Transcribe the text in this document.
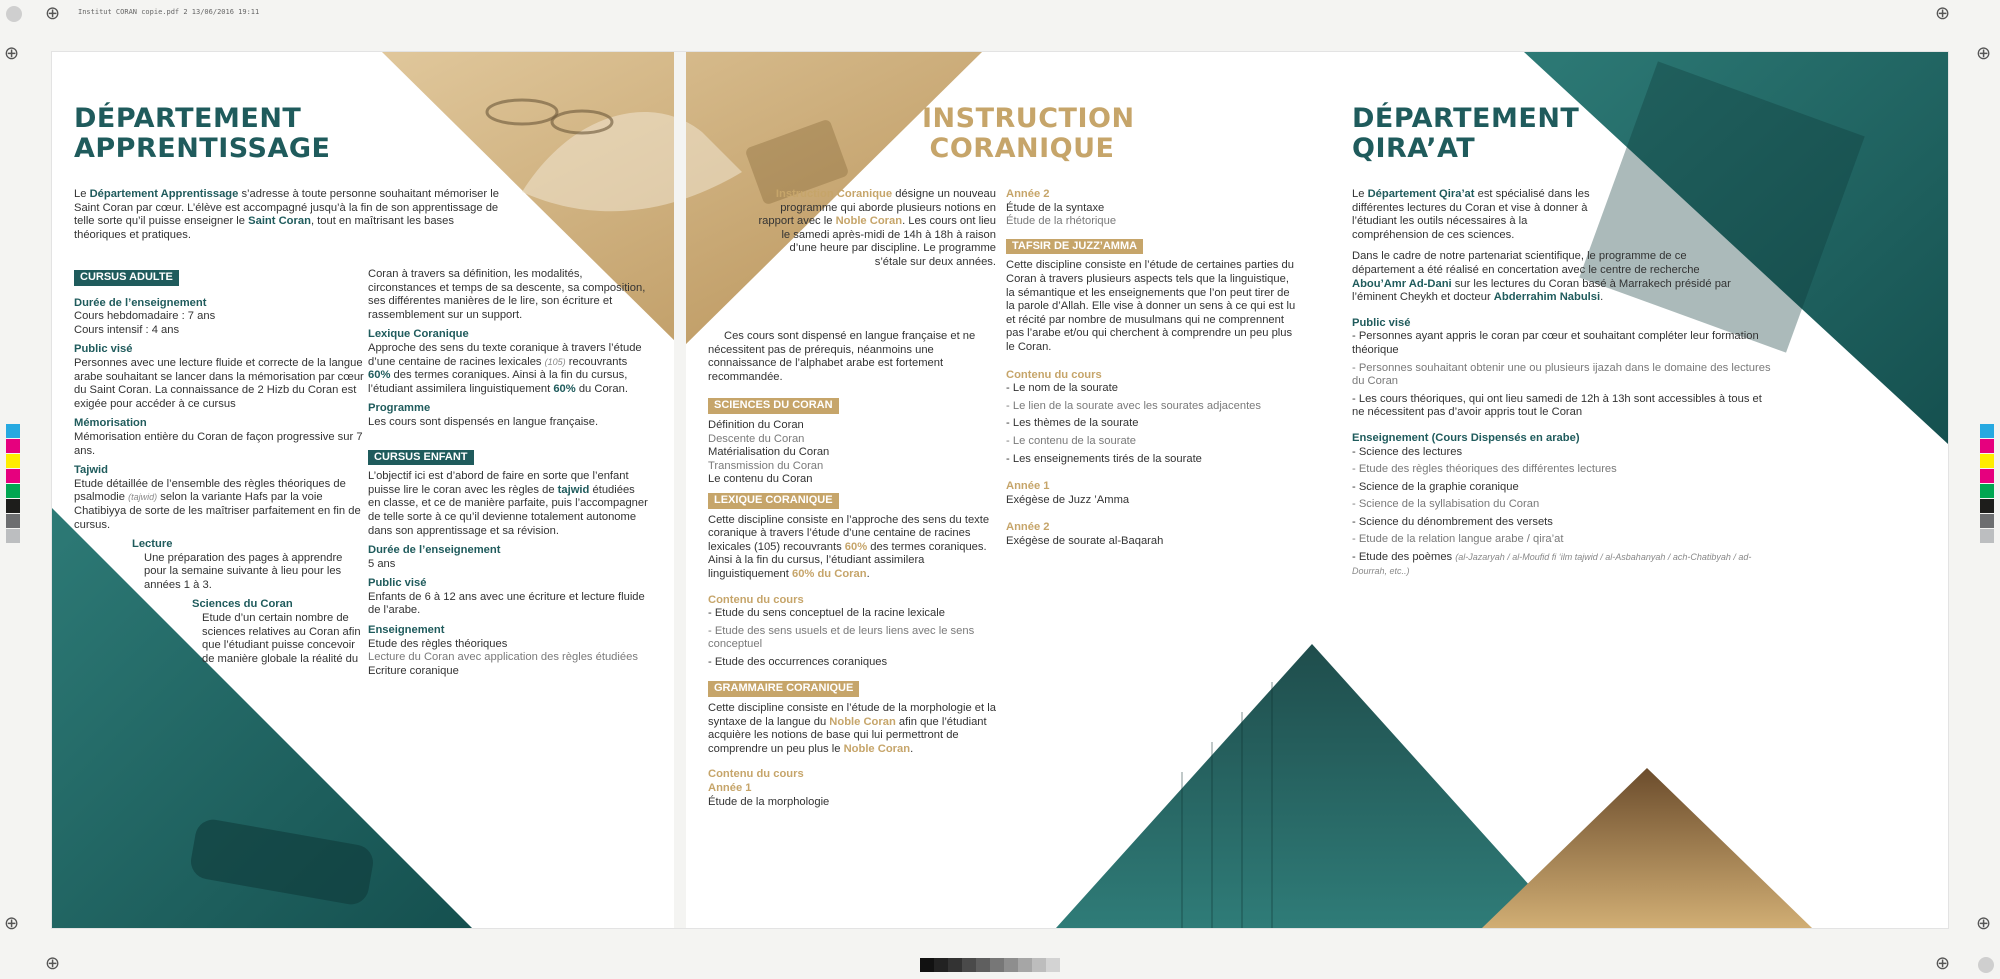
⊕	⊕
⊕	⊕
⊕	⊕
⊕	⊕
Institut CORAN copie.pdf 2 13/06/2016 19:11
DÉPARTEMENT
APPRENTISSAGE
Le Département Apprentissage s’adresse à toute personne souhaitant mémoriser le Saint Coran par cœur. L’élève est accompagné jusqu’à la fin de son apprentissage de telle sorte qu’il puisse enseigner le Saint Coran, tout en maîtrisant les bases théoriques et pratiques.
CURSUS ADULTE
Durée de l’enseignement
Cours hebdomadaire : 7 ans
Cours intensif : 4 ans
Public visé
Personnes avec une lecture fluide et correcte de la langue arabe souhaitant se lancer dans la mémorisation par cœur du Saint Coran. La connaissance de 2 Hizb du Coran est exigée pour accéder à ce cursus
Mémorisation
Mémorisation entière du Coran de façon progressive sur 7 ans.
Tajwid
Etude détaillée de l’ensemble des règles théoriques de psalmodie (tajwid) selon la variante Hafs par la voie Chatibiyya de sorte de les maîtriser parfaitement en fin de cursus.
Lecture
Une préparation des pages à apprendre pour la semaine suivante à lieu pour les années 1 à 3.
Sciences du Coran
Etude d’un certain nombre de sciences relatives au Coran afin que l’étudiant puisse concevoir de manière globale la réalité du
Coran à travers sa définition, les modalités, circonstances et temps de sa descente, sa composition, ses différentes manières de le lire, son écriture et rassemblement sur un support.
Lexique Coranique
Approche des sens du texte coranique à travers l’étude d’une centaine de racines lexicales (105) recouvrants 60% des termes coraniques. Ainsi à la fin du cursus, l’étudiant assimilera linguistiquement 60% du Coran.
Programme
Les cours sont dispensés en langue française.
CURSUS ENFANT
L’objectif ici est d’abord de faire en sorte que l’enfant puisse lire le coran avec les règles de tajwid étudiées en classe, et ce de manière parfaite, puis l’accompagner de telle sorte à ce qu’il devienne totalement autonome dans son apprentissage et sa révision.
Durée de l’enseignement
5 ans
Public visé
Enfants de 6 à 12 ans avec une écriture et lecture fluide de l’arabe.
Enseignement
Etude des règles théoriques
Lecture du Coran avec application des règles étudiées
Ecriture coranique
INSTRUCTION
CORANIQUE
Instruction Coranique désigne un nouveau programme qui aborde plusieurs notions en rapport avec le Noble Coran. Les cours ont lieu le samedi après-midi de 14h à 18h à raison d’une heure par discipline. Le programme s’étale sur deux années.

Ces cours sont dispensé en langue française et ne nécessitent pas de prérequis, néanmoins une connaissance de l’alphabet arabe est fortement recommandée.

SCIENCES DU CORAN
Définition du Coran
Descente du Coran
Matérialisation du Coran
Transmission du Coran
Le contenu du Coran
LEXIQUE CORANIQUE
Cette discipline consiste en l’approche des sens du texte coranique à travers l’étude d’une centaine de racines lexicales (105) recouvrants 60% des termes coraniques. Ainsi à la fin du cursus, l’étudiant assimilera linguistiquement 60% du Coran.
Contenu du cours
- Etude du sens conceptuel de la racine lexicale
- Etude des sens usuels et de leurs liens avec le sens conceptuel
- Etude des occurrences coraniques
GRAMMAIRE CORANIQUE
Cette discipline consiste en l’étude de la morphologie et la syntaxe de la langue du Noble Coran afin que l’étudiant acquière les notions de base qui lui permettront de comprendre un peu plus le Noble Coran.
Contenu du cours
Année 1
Étude de la morphologie
Année 2
Étude de la syntaxe
Étude de la rhétorique
TAFSIR DE JUZZ’AMMA
Cette discipline consiste en l’étude de certaines parties du Coran à travers plusieurs aspects tels que la linguistique, la sémantique et les enseignements que l’on peut tirer de la parole d’Allah. Elle vise à donner un sens à ce qui est lu et récité par nombre de musulmans qui ne comprennent pas l’arabe et/ou qui cherchent à comprendre un peu plus le Coran.
Contenu du cours
- Le nom de la sourate
- Le lien de la sourate avec les sourates adjacentes
- Les thèmes de la sourate
- Le contenu de la sourate
- Les enseignements tirés de la sourate
Année 1
Exégèse de Juzz ’Amma
Année 2
Exégèse de sourate al-Baqarah
DÉPARTEMENT
QIRA’AT

Le Département Qira’at est spécialisé dans les différentes lectures du Coran et vise à donner à l’étudiant les outils nécessaires à la compréhension de ces sciences.

Dans le cadre de notre partenariat scientifique, le programme de ce département a été réalisé en concertation avec le centre de recherche Abou’Amr Ad-Dani sur les lectures du Coran basé à Marrakech présidé par l’éminent Cheykh et docteur Abderrahim Nabulsi.

Public visé
- Personnes ayant appris le coran par cœur et souhaitant compléter leur formation théorique
- Personnes souhaitant obtenir une ou plusieurs ijazah dans le domaine des lectures du Coran
- Les cours théoriques, qui ont lieu samedi de 12h à 13h sont accessibles à tous et ne nécessitent pas d’avoir appris tout le Coran
Enseignement (Cours Dispensés en arabe)
- Science des lectures
- Etude des règles théoriques des différentes lectures
- Science de la graphie coranique
- Science de la syllabisation du Coran
- Science du dénombrement des versets
- Etude de la relation langue arabe / qira’at
- Etude des poèmes (al-Jazaryah / al-Moufid fi ‘ilm tajwid / al-Asbahanyah / ach-Chatibyah / ad-Dourrah, etc..)
